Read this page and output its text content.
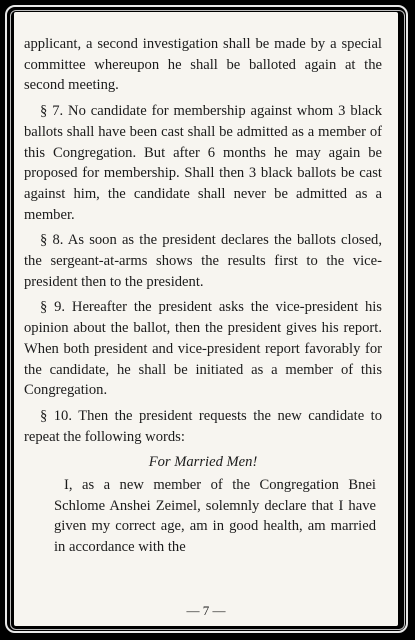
applicant, a second investigation shall be made by a special committee whereupon he shall be balloted again at the second meeting.

§ 7. No candidate for membership against whom 3 black ballots shall have been cast shall be admitted as a member of this Congregation. But after 6 months he may again be proposed for membership. Shall then 3 black ballots be cast against him, the candidate shall never be admitted as a member.

§ 8. As soon as the president declares the ballots closed, the sergeant-at-arms shows the results first to the vice-president then to the president.

§ 9. Hereafter the president asks the vice-president his opinion about the ballot, then the president gives his report. When both president and vice-president report favorably for the candidate, he shall be initiated as a member of this Congregation.

§ 10. Then the president requests the new candidate to repeat the following words:

For Married Men!

I, as a new member of the Congregation Bnei Schlome Anshei Zeimel, solemnly declare that I have given my correct age, am in good health, am married in accordance with the

— 7 —
